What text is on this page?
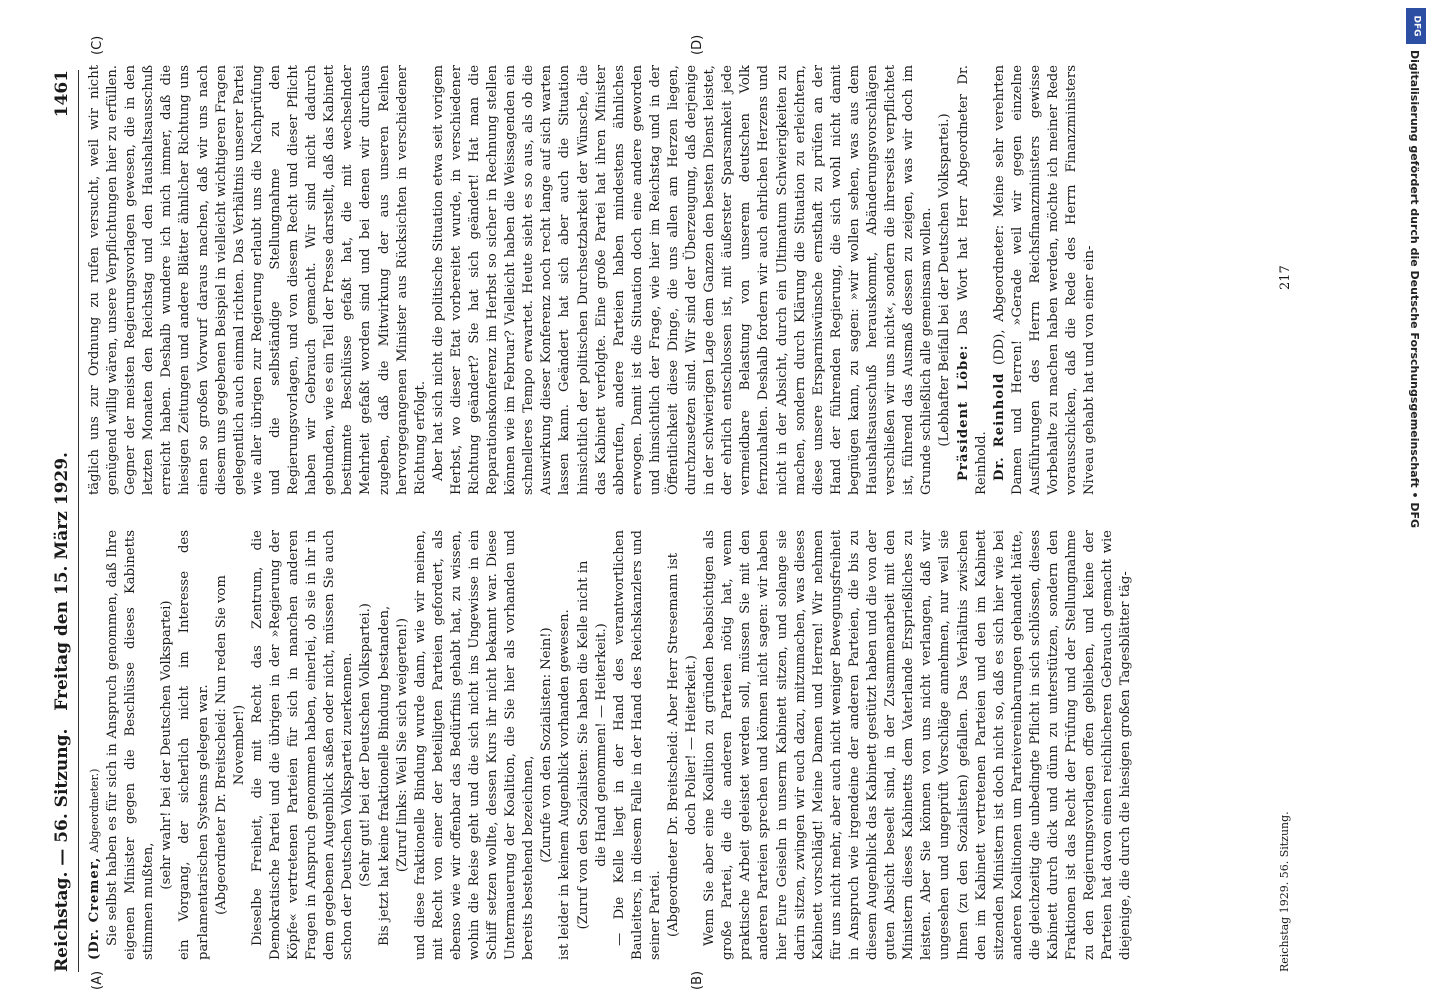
Reichstag. — 56. Sitzung.   Freitag den 15. März 1929.
1461
(A)	(B)
(C)	(D)

(Dr. Cremer, Abgeordneter.) Sie selbst haben es für sich in Anspruch genommen, daß Ihre eigenen Minister gegen die Beschlüsse dieses Kabinetts stimmen mußten,

(sehr wahr! bei der Deutschen Volkspartei) ein Vorgang, der sicherlich nicht im Interesse des parlamentarischen Systems gelegen war. (Abgeordneter Dr. Breitscheid: Nun reden Sie vom November!) Dieselbe Freiheit, die mit Recht das Zentrum, die Demokratische Partei und die übrigen in der »Regierung der Köpfe« vertretenen Parteien für sich in manchen anderen Fragen in Anspruch genommen haben, einerlei, ob sie in ihr in dem gegebenen Augenblick saßen oder nicht, müssen Sie auch schon der Deutschen Volkspartei zuerkennen. (Sehr gut! bei der Deutschen Volkspartei.) Bis jetzt hat keine fraktionelle Bindung bestanden, (Zuruf links: Weil Sie sich weigerten!) und diese fraktionelle Bindung wurde dann, wie wir meinen, mit Recht von einer der beteiligten Parteien gefordert, als ebenso wie wir offenbar das Bedürfnis gehabt hat, zu wissen, wohin die Reise geht und die sich nicht ins Ungewisse in ein Schiff setzen wollte, dessen Kurs ihr nicht bekannt war. Diese Untermauerung der Koalition, die Sie hier als vorhanden und bereits bestehend bezeichnen, (Zurufe von den Sozialisten: Nein!) ist leider in keinem Augenblick vorhanden gewesen. (Zuruf von den Sozialisten: Sie haben die Kelle nicht in die Hand genommen! — Heiterkeit.) — Die Kelle liegt in der Hand des verantwortlichen Bauleiters, in diesem Falle in der Hand des Reichskanzlers und seiner Partei. (Abgeordneter Dr. Breitscheid: Aber Herr Stresemann ist doch Polier! — Heiterkeit.) Wenn Sie aber eine Koalition zu gründen beabsichtigen als große Partei, die die anderen Parteien nötig hat, wenn praktische Arbeit geleistet werden soll, müssen Sie mit den anderen Parteien sprechen und können nicht sagen: wir haben hier Eure Geiseln in unserm Kabinett sitzen, und solange sie darin sitzen, zwingen wir euch dazu, mitzumachen, was dieses Kabinett vorschlägt! Meine Damen und Herren! Wir nehmen für uns nicht mehr, aber auch nicht weniger Bewegungsfreiheit in Anspruch wie irgendeine der anderen Parteien, die bis zu diesem Augenblick das Kabinett gestützt haben und die von der guten Absicht beseelt sind, in der Zusammenarbeit mit den Ministern dieses Kabinetts dem Vaterlande Ersprießliches zu leisten. Aber Sie können von uns nicht verlangen, daß wir ungesehen und ungeprüft Vorschläge annehmen, nur weil sie Ihnen (zu den Sozialisten) gefallen. Das Verhältnis zwischen den im Kabinett vertretenen Parteien und den im Kabinett sitzenden Ministern ist doch nicht so, daß es sich hier wie bei anderen Koalitionen um Parteivereinbarungen gehandelt hätte, die gleichzeitig die unbedingte Pflicht in sich schlössen, dieses Kabinett durch dick und dünn zu unterstützen, sondern den Fraktionen ist das Recht der Prüfung und der Stellungnahme zu den Regierungsvorlagen offen geblieben, und keine der Parteien hat davon einen reichlicheren Gebrauch gemacht wie diejenige, die durch die hiesigen großen Tagesblätter täg-

täglich uns zur Ordnung zu rufen versucht, weil wir nicht genügend willig wären, unsere Verpflichtungen hier zu erfüllen. Gegner der meisten Regierungsvorlagen gewesen, die in den letzten Monaten den Reichstag und den Haushaltsausschuß erreicht haben. Deshalb wundere ich mich immer, daß die hiesigen Zeitungen und andere Blätter ähnlicher Richtung uns einen so großen Vorwurf daraus machen, daß wir uns nach diesem uns gegebenen Beispiel in vielleicht wichtigeren Fragen gelegentlich auch einmal richten. Das Verhältnis unserer Partei wie aller übrigen zur Regierung erlaubt uns die Nachprüfung und die selbständige Stellungnahme zu den Regierungsvorlagen, und von diesem Recht und dieser Pflicht haben wir Gebrauch gemacht. Wir sind nicht dadurch gebunden, wie es ein Teil der Presse darstellt, daß das Kabinett bestimmte Beschlüsse gefaßt hat, die mit wechselnder Mehrheit gefaßt worden sind und bei denen wir durchaus zugeben, daß die Mitwirkung der aus unseren Reihen hervorgegangenen Minister aus Rücksichten in verschiedener Richtung erfolgt. Aber hat sich nicht die politische Situation etwa seit vorigem Herbst, wo dieser Etat vorbereitet wurde, in verschiedener Richtung geändert? Sie hat sich geändert! Hat man die Reparationskonferenz im Herbst so sicher in Rechnung stellen können wie im Februar? Vielleicht haben die Weissagenden ein schnelleres Tempo erwartet. Heute sieht es so aus, als ob die Auswirkung dieser Konferenz noch recht lange auf sich warten lassen kann. Geändert hat sich aber auch die Situation hinsichtlich der politischen Durchsetzbarkeit der Wünsche, die das Kabinett verfolgte. Eine große Partei hat ihren Minister abberufen, andere Parteien haben mindestens ähnliches erwogen. Damit ist die Situation doch eine andere geworden und hinsichtlich der Frage, wie hier im Reichstag und in der Öffentlichkeit diese Dinge, die uns allen am Herzen liegen, durchzusetzen sind. Wir sind der Überzeugung, daß derjenige in der schwierigen Lage dem Ganzen den besten Dienst leistet, der ehrlich entschlossen ist, mit äußerster Sparsamkeit jede vermeidbare Belastung von unserem deutschen Volk fernzuhalten. Deshalb fordern wir auch ehrlichen Herzens und nicht in der Absicht, durch ein Ultimatum Schwierigkeiten zu machen, sondern durch Klärung die Situation zu erleichtern, diese unsere Ersparniswünsche ernsthaft zu prüfen an der Hand der führenden Regierung, die sich wohl nicht damit begnügen kann, zu sagen: »wir wollen sehen, was aus dem Haushaltsausschuß herauskommt, Abänderungsvorschlägen verschließen wir uns nicht«, sondern die ihrerseits verpflichtet ist, führend das Ausmaß dessen zu zeigen, was wir doch im Grunde schließlich alle gemeinsam wollen. (Lebhafter Beifall bei der Deutschen Volkspartei.) Präsident Löbe: Das Wort hat Herr Abgeordneter Dr. Reinhold. Dr. Reinhold (DD), Abgeordneter: Meine sehr verehrten Damen und Herren! »Gerade weil wir gegen einzelne Ausführungen des Herrn Reichsfinanzministers gewisse Vorbehalte zu machen haben werden, möchte ich meiner Rede vorausschicken, daß die Rede des Herrn Finanzministers Niveau gehabt hat und von einer ein-

Reichstag 1929. 56. Sitzung.
217
DFG
Digitalisierung gefördert durch die Deutsche Forschungsgemeinschaft • DFG
